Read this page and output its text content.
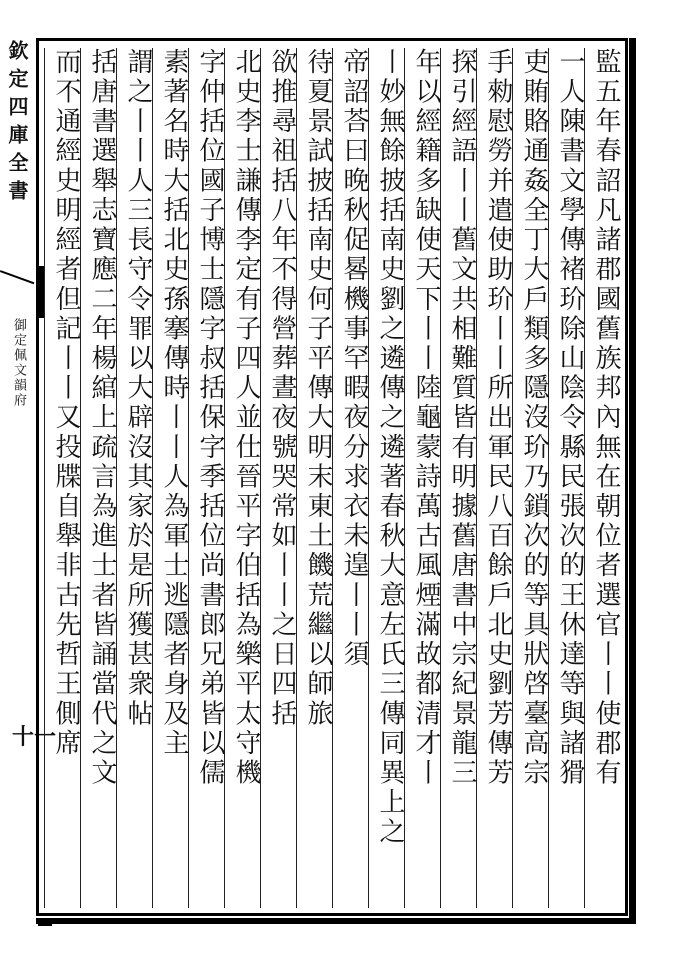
欽定四庫全書
御定佩文韻府
十一
監五年春詔凡諸郡國舊族邦內無在朝位者選官丨丨使郡有
一人陳書文學傳褚玠除山陰令縣民張次的王休達等與諸猾
吏賄賂通姦全丁大戶類多隱沒玠乃鎖次的等具狀啓臺高宗
手勑慰勞并遣使助玠丨丨所出軍民八百餘戶北史劉芳傳芳
探引經語丨丨舊文共相難質皆有明據舊唐書中宗紀景龍三
年以經籍多缺使天下丨丨陸龜蒙詩萬古風煙滿故都清才丨
丨妙無餘披括南史劉之遴傳之遴著春秋大意左氏三傳同異上之
帝詔荅曰晚秋促晷機事罕暇夜分求衣未遑丨丨須
待夏景試披括南史何子平傳大明末東土饑荒繼以師旅
欲推尋祖括八年不得營葬晝夜號哭常如丨丨之日四括
北史李士謙傳李定有子四人並仕晉平字伯括為樂平太守機
字仲括位國子博士隱字叔括保字季括位尚書郎兄弟皆以儒
素著名時大括北史孫搴傳時丨丨人為軍士逃隱者身及主
謂之丨丨人三長守令罪以大辟沒其家於是所獲甚衆帖
括唐書選舉志寶應二年楊綰上疏言為進士者皆誦當代之文
而不通經史明經者但記丨丨又投牒自舉非古先哲王側席
